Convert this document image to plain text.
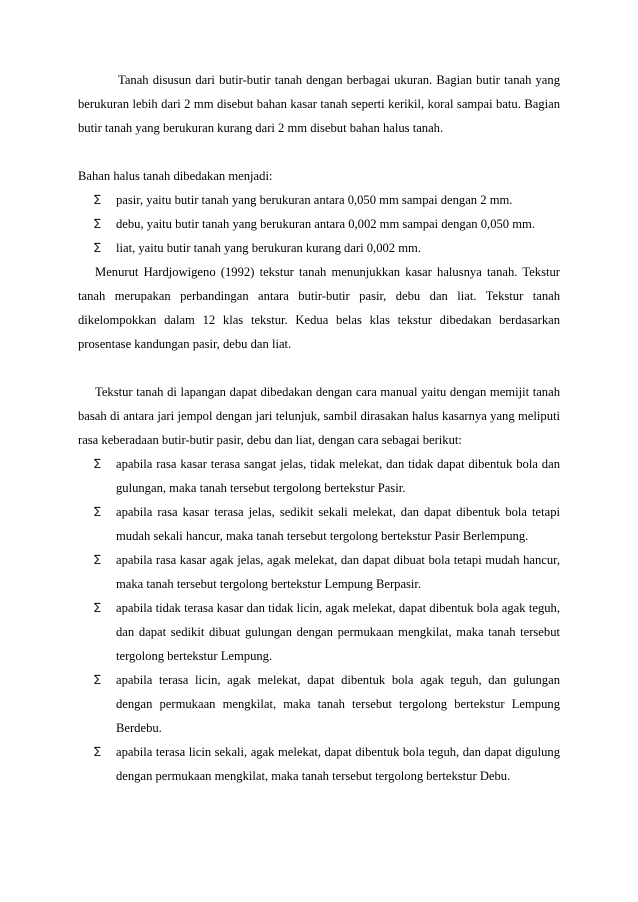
Tanah disusun dari butir-butir tanah dengan berbagai ukuran. Bagian butir tanah yang berukuran lebih dari 2 mm disebut bahan kasar tanah seperti kerikil, koral sampai batu. Bagian butir tanah yang berukuran kurang dari 2 mm disebut bahan halus tanah.

Bahan halus tanah dibedakan menjadi:

∑ pasir, yaitu butir tanah yang berukuran antara 0,050 mm sampai dengan 2 mm.
∑ debu, yaitu butir tanah yang berukuran antara 0,002 mm sampai dengan 0,050 mm.
∑ liat, yaitu butir tanah yang berukuran kurang dari 0,002 mm.

Menurut Hardjowigeno (1992) tekstur tanah menunjukkan kasar halusnya tanah. Tekstur tanah merupakan perbandingan antara butir-butir pasir, debu dan liat. Tekstur tanah dikelompokkan dalam 12 klas tekstur. Kedua belas klas tekstur dibedakan berdasarkan prosentase kandungan pasir, debu dan liat.

Tekstur tanah di lapangan dapat dibedakan dengan cara manual yaitu dengan memijit tanah basah di antara jari jempol dengan jari telunjuk, sambil dirasakan halus kasarnya yang meliputi rasa keberadaan butir-butir pasir, debu dan liat, dengan cara sebagai berikut:

∑ apabila rasa kasar terasa sangat jelas, tidak melekat, dan tidak dapat dibentuk bola dan gulungan, maka tanah tersebut tergolong bertekstur Pasir.
∑ apabila rasa kasar terasa jelas, sedikit sekali melekat, dan dapat dibentuk bola tetapi mudah sekali hancur, maka tanah tersebut tergolong bertekstur Pasir Berlempung.
∑ apabila rasa kasar agak jelas, agak melekat, dan dapat dibuat bola tetapi mudah hancur, maka tanah tersebut tergolong bertekstur Lempung Berpasir.
∑ apabila tidak terasa kasar dan tidak licin, agak melekat, dapat dibentuk bola agak teguh, dan dapat sedikit dibuat gulungan dengan permukaan mengkilat, maka tanah tersebut tergolong bertekstur Lempung.
∑ apabila terasa licin, agak melekat, dapat dibentuk bola agak teguh, dan gulungan dengan permukaan mengkilat, maka tanah tersebut tergolong bertekstur Lempung Berdebu.
∑ apabila terasa licin sekali, agak melekat, dapat dibentuk bola teguh, dan dapat digulung dengan permukaan mengkilat, maka tanah tersebut tergolong bertekstur Debu.
